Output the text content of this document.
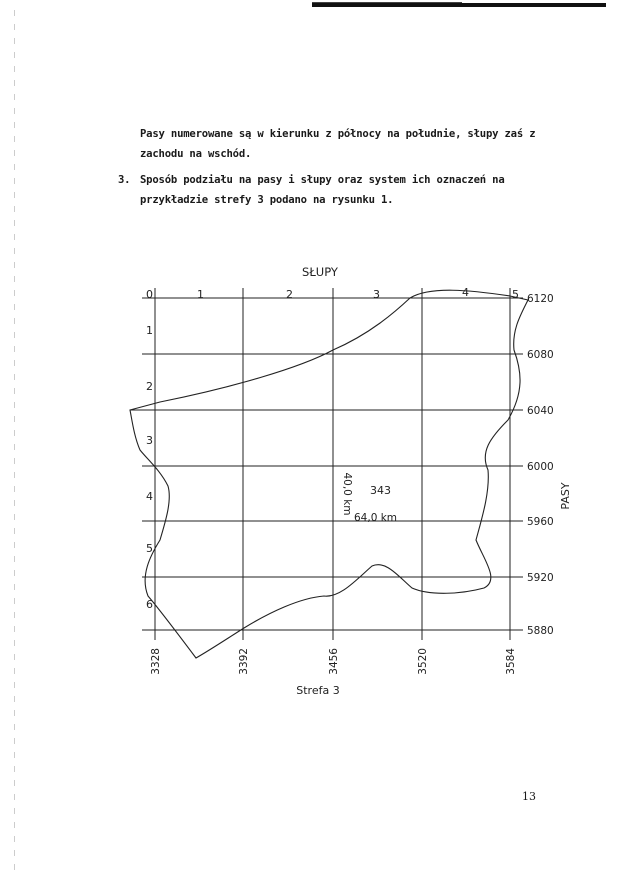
Pasy numerowane są w kierunku z północy na południe, słupy zaś z zachodu na wschód.
3. Sposób podziału na pasy i słupy oraz system ich oznaczeń na przykładzie strefy 3 podano na rysunku 1.
SŁUPY
0	1	2	3	4	5
1
2
3
4
5
6
6120
6080
6040
6000
5960
5920
5880
PASY
3328	3392	3456	3520	3584
Strefa 3
343
40,0 km
64,0 km
13
